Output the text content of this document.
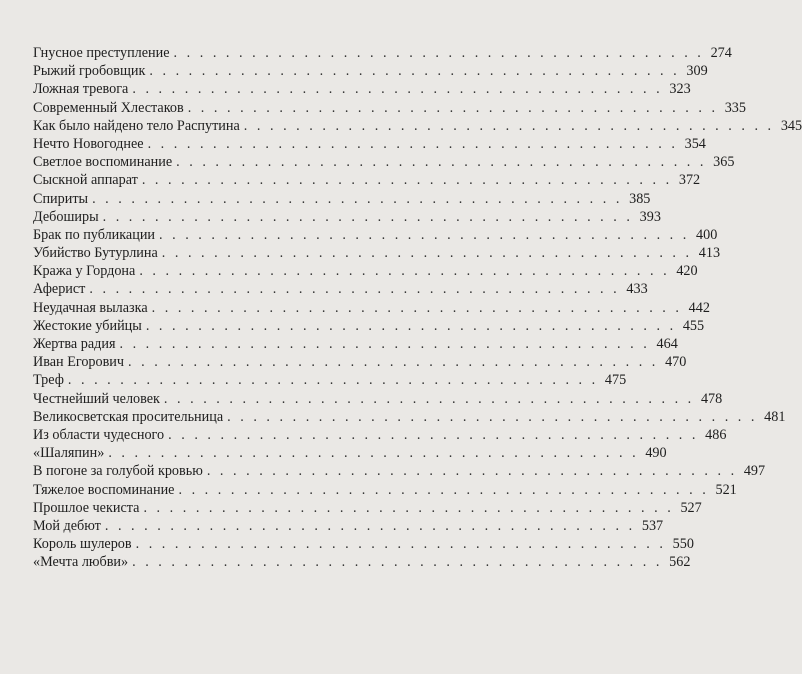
Гнусное преступление . . . . . . . . . . . . . . . . . . . . . . . . . . . . . . . . . . . . . . . . . 274
Рыжий гробовщик . . . . . . . . . . . . . . . . . . . . . . . . . . . . . . . . . . . . . . . . . 309
Ложная тревога . . . . . . . . . . . . . . . . . . . . . . . . . . . . . . . . . . . . . . . . . 323
Современный Хлестаков . . . . . . . . . . . . . . . . . . . . . . . . . . . . . . . . . . . . . . . . . 335
Как было найдено тело Распутина . . . . . . . . . . . . . . . . . . . . . . . . . . . . . . . . . . . . . . . . . 345
Нечто Новогоднее . . . . . . . . . . . . . . . . . . . . . . . . . . . . . . . . . . . . . . . . . 354
Светлое воспоминание . . . . . . . . . . . . . . . . . . . . . . . . . . . . . . . . . . . . . . . . . 365
Сыскной аппарат . . . . . . . . . . . . . . . . . . . . . . . . . . . . . . . . . . . . . . . . . 372
Спириты . . . . . . . . . . . . . . . . . . . . . . . . . . . . . . . . . . . . . . . . . 385
Дебоширы . . . . . . . . . . . . . . . . . . . . . . . . . . . . . . . . . . . . . . . . . 393
Брак по публикации . . . . . . . . . . . . . . . . . . . . . . . . . . . . . . . . . . . . . . . . . 400
Убийство Бутурлина . . . . . . . . . . . . . . . . . . . . . . . . . . . . . . . . . . . . . . . . . 413
Кража у Гордона . . . . . . . . . . . . . . . . . . . . . . . . . . . . . . . . . . . . . . . . . 420
Аферист . . . . . . . . . . . . . . . . . . . . . . . . . . . . . . . . . . . . . . . . . 433
Неудачная вылазка . . . . . . . . . . . . . . . . . . . . . . . . . . . . . . . . . . . . . . . . . 442
Жестокие убийцы . . . . . . . . . . . . . . . . . . . . . . . . . . . . . . . . . . . . . . . . . 455
Жертва радия . . . . . . . . . . . . . . . . . . . . . . . . . . . . . . . . . . . . . . . . . 464
Иван Егорович . . . . . . . . . . . . . . . . . . . . . . . . . . . . . . . . . . . . . . . . . 470
Треф . . . . . . . . . . . . . . . . . . . . . . . . . . . . . . . . . . . . . . . . . 475
Честнейший человек . . . . . . . . . . . . . . . . . . . . . . . . . . . . . . . . . . . . . . . . . 478
Великосветская просительница . . . . . . . . . . . . . . . . . . . . . . . . . . . . . . . . . . . . . . . . . 481
Из области чудесного . . . . . . . . . . . . . . . . . . . . . . . . . . . . . . . . . . . . . . . . . 486
«Шаляпин» . . . . . . . . . . . . . . . . . . . . . . . . . . . . . . . . . . . . . . . . . 490
В погоне за голубой кровью . . . . . . . . . . . . . . . . . . . . . . . . . . . . . . . . . . . . . . . . . 497
Тяжелое воспоминание . . . . . . . . . . . . . . . . . . . . . . . . . . . . . . . . . . . . . . . . . 521
Прошлое чекиста . . . . . . . . . . . . . . . . . . . . . . . . . . . . . . . . . . . . . . . . . 527
Мой дебют . . . . . . . . . . . . . . . . . . . . . . . . . . . . . . . . . . . . . . . . . 537
Король шулеров . . . . . . . . . . . . . . . . . . . . . . . . . . . . . . . . . . . . . . . . . 550
«Мечта любви» . . . . . . . . . . . . . . . . . . . . . . . . . . . . . . . . . . . . . . . . . 562
